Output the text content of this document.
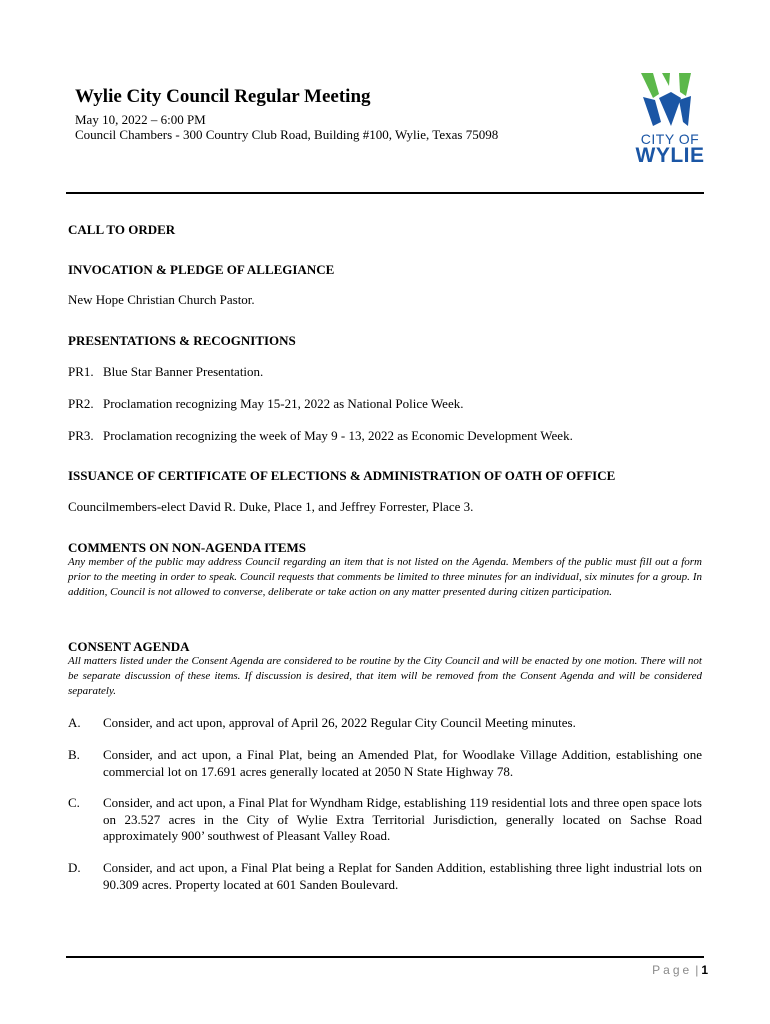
Wylie City Council Regular Meeting
May 10, 2022 – 6:00 PM
Council Chambers - 300 Country Club Road, Building #100, Wylie, Texas 75098	CITY OF
WYLIE
CALL TO ORDER
INVOCATION & PLEDGE OF ALLEGIANCE
New Hope Christian Church Pastor.
PRESENTATIONS & RECOGNITIONS
PR1. Blue Star Banner Presentation.
PR2. Proclamation recognizing May 15-21, 2022 as National Police Week.
PR3. Proclamation recognizing the week of May 9 - 13, 2022 as Economic Development Week.
ISSUANCE OF CERTIFICATE OF ELECTIONS & ADMINISTRATION OF OATH OF OFFICE
Councilmembers-elect David R. Duke, Place 1, and Jeffrey Forrester, Place 3.
COMMENTS ON NON-AGENDA ITEMS
Any member of the public may address Council regarding an item that is not listed on the Agenda. Members of the public must fill out a form prior to the meeting in order to speak. Council requests that comments be limited to three minutes for an individual, six minutes for a group. In addition, Council is not allowed to converse, deliberate or take action on any matter presented during citizen participation.
CONSENT AGENDA
All matters listed under the Consent Agenda are considered to be routine by the City Council and will be enacted by one motion. There will not be separate discussion of these items. If discussion is desired, that item will be removed from the Consent Agenda and will be considered separately.
A. Consider, and act upon, approval of April 26, 2022 Regular City Council Meeting minutes.
B. Consider, and act upon, a Final Plat, being an Amended Plat, for Woodlake Village Addition, establishing one commercial lot on 17.691 acres generally located at 2050 N State Highway 78.
C. Consider, and act upon, a Final Plat for Wyndham Ridge, establishing 119 residential lots and three open space lots on 23.527 acres in the City of Wylie Extra Territorial Jurisdiction, generally located on Sachse Road approximately 900’ southwest of Pleasant Valley Road.
D. Consider, and act upon, a Final Plat being a Replat for Sanden Addition, establishing three light industrial lots on 90.309 acres. Property located at 601 Sanden Boulevard.
Page | 1
